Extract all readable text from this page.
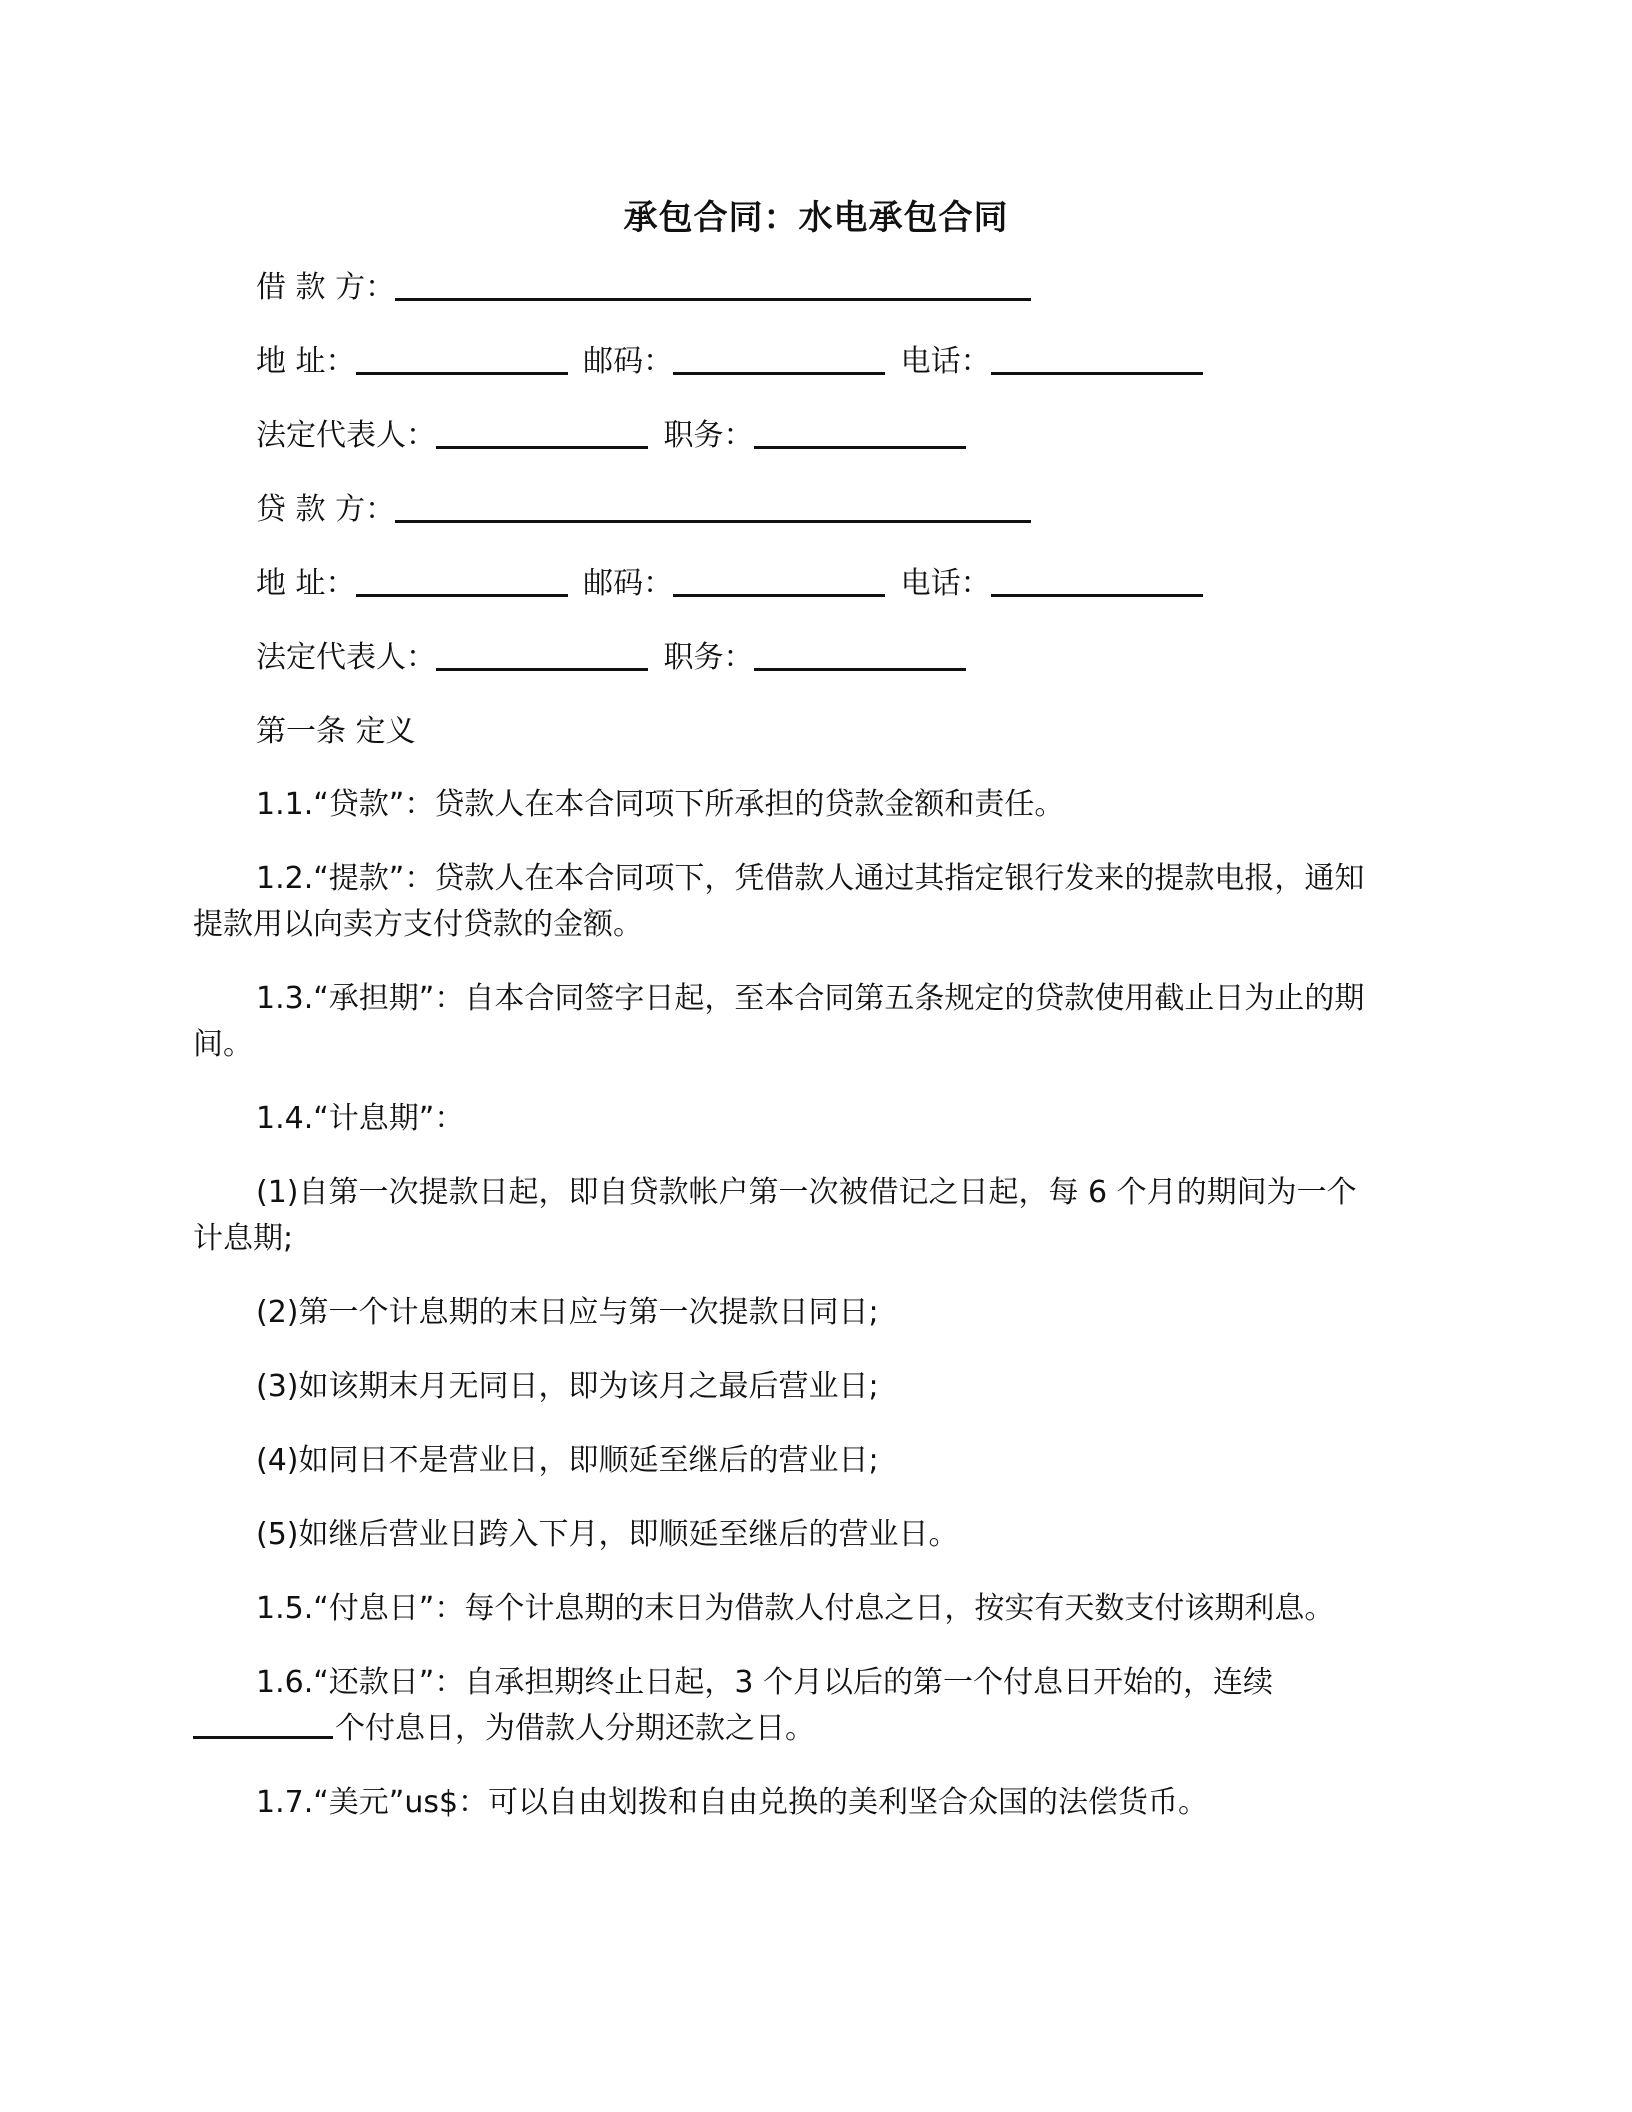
承包合同：水电承包合同
借 款 方：
地 址：	邮码：	电话：
法定代表人：	职务：
贷 款 方：
地 址：	邮码：	电话：
法定代表人：	职务：
第一条 定义
1.1.“贷款”：贷款人在本合同项下所承担的贷款金额和责任。
1.2.“提款”：贷款人在本合同项下，凭借款人通过其指定银行发来的提款电报，通知
提款用以向卖方支付贷款的金额。
1.3.“承担期”：自本合同签字日起，至本合同第五条规定的贷款使用截止日为止的期
间。
1.4.“计息期”：
(1)自第一次提款日起，即自贷款帐户第一次被借记之日起，每 6 个月的期间为一个
计息期;
(2)第一个计息期的末日应与第一次提款日同日;
(3)如该期末月无同日，即为该月之最后营业日;
(4)如同日不是营业日，即顺延至继后的营业日;
(5)如继后营业日跨入下月，即顺延至继后的营业日。
1.5.“付息日”：每个计息期的末日为借款人付息之日，按实有天数支付该期利息。
1.6.“还款日”：自承担期终止日起，3 个月以后的第一个付息日开始的，连续
个付息日，为借款人分期还款之日。
1.7.“美元”us$：可以自由划拨和自由兑换的美利坚合众国的法偿货币。
